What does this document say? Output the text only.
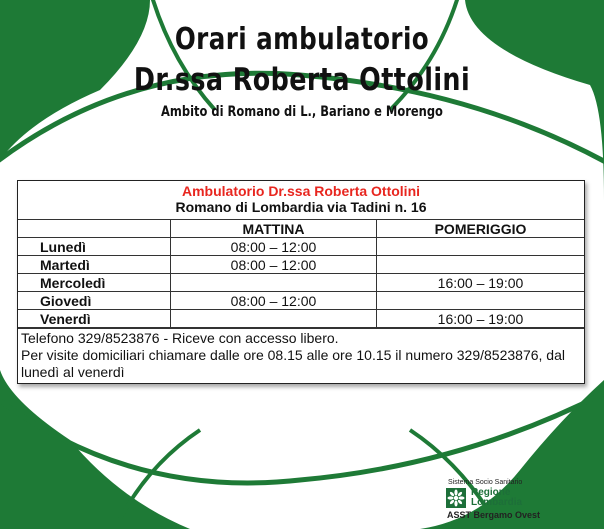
Orari ambulatorio
Dr.ssa Roberta Ottolini
Ambito di Romano di L., Bariano e Morengo
Ambulatorio Dr.ssa Roberta Ottolini
Romano di Lombardia via Tadini n. 16
	MATTINA	POMERIGGIO
Lunedì	08:00 – 12:00	
Martedì	08:00 – 12:00	
Mercoledì		16:00 – 19:00
Giovedì	08:00 – 12:00	
Venerdì		16:00 – 19:00
Telefono 329/8523876 - Riceve con accesso libero.
Per visite domiciliari chiamare dalle ore 08.15 alle ore 10.15 il numero 329/8523876, dal lunedì al venerdì
Sistema Socio Sanitario
Regione
Lombardia
ASST Bergamo Ovest
